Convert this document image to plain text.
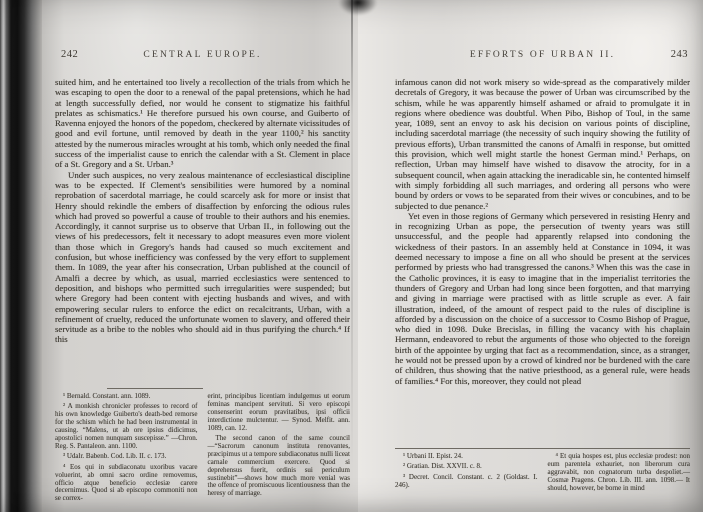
242	CENTRAL EUROPE.

suited him, and he entertained too lively a recollection of the trials from which he was escaping to open the door to a renewal of the papal pretensions, which he had at length successfully defied, nor would he consent to stigmatize his faithful prelates as schismatics.¹ He therefore pursued his own course, and Guiberto of Ravenna enjoyed the honors of the popedom, checkered by alternate vicissitudes of good and evil fortune, until removed by death in the year 1100,² his sanctity attested by the numerous miracles wrought at his tomb, which only needed the final success of the imperialist cause to enrich the calendar with a St. Clement in place of a St. Gregory and a St. Urban.³

Under such auspices, no very zealous maintenance of ecclesiastical discipline was to be expected. If Clement's sensibilities were humored by a nominal reprobation of sacerdotal marriage, he could scarcely ask for more or insist that Henry should rekindle the embers of disaffection by enforcing the odious rules which had proved so powerful a cause of trouble to their authors and his enemies. Accordingly, it cannot surprise us to observe that Urban II., in following out the views of his predecessors, felt it necessary to adopt measures even more violent than those which in Gregory's hands had caused so much excitement and confusion, but whose inefficiency was confessed by the very effort to supplement them. In 1089, the year after his consecration, Urban published at the council of Amalfi a decree by which, as usual, married ecclesiastics were sentenced to deposition, and bishops who permitted such irregularities were suspended; but where Gregory had been content with ejecting husbands and wives, and with empowering secular rulers to enforce the edict on recalcitrants, Urban, with a refinement of cruelty, reduced the unfortunate women to slavery, and offered their servitude as a bribe to the nobles who should aid in thus purifying the church.⁴ If this

¹ Bernald. Constant. ann. 1089.

² A monkish chronicler professes to record of his own knowledge Guiberto's death-bed remorse for the schism which he had been instrumental in causing. “Malens, ut ab ore ipsius didicimus, apostolici nomen nunquam suscepisse.” —Chron. Reg. S. Pantaleon. ann. 1100.

³ Udalr. Babenb. Cod. Lib. II. c. 173.

⁴ Eos qui in subdiaconatu uxoribus vacare voluerint, ab omni sacro ordine removemus, officio atque beneficio ecclesiæ carere decernimus. Quod si ab episcopo commoniti non se correx-

erint, principibus licentiam indulgemus ut eorum feminas mancipent servituti. Si vero episcopi consenserint eorum pravitatibus, ipsi officii interdictione mulctentur. — Synod. Melfit. ann. 1089, can. 12.

The second canon of the same council—“Sacrorum canonum instituta renovantes, præcipimus ut a tempore subdiaconatus nulli liceat carnale commercium exercere. Quod si deprehensus fuerit, ordinis sui periculum sustinebit”—shows how much more venial was the offence of promiscuous licentiousness than the heresy of marriage.

EFFORTS OF URBAN II.	243

infamous canon did not work misery so wide-spread as the comparatively milder decretals of Gregory, it was because the power of Urban was circumscribed by the schism, while he was apparently himself ashamed or afraid to promulgate it in regions where obedience was doubtful. When Pibo, Bishop of Toul, in the same year, 1089, sent an envoy to ask his decision on various points of discipline, including sacerdotal marriage (the necessity of such inquiry showing the futility of previous efforts), Urban transmitted the canons of Amalfi in response, but omitted this provision, which well might startle the honest German mind.¹ Perhaps, on reflection, Urban may himself have wished to disavow the atrocity, for in a subsequent council, when again attacking the ineradicable sin, he contented himself with simply forbidding all such marriages, and ordering all persons who were bound by orders or vows to be separated from their wives or concubines, and to be subjected to due penance.²

Yet even in those regions of Germany which persevered in resisting Henry and in recognizing Urban as pope, the persecution of twenty years was still unsuccessful, and the people had apparently relapsed into condoning the wickedness of their pastors. In an assembly held at Constance in 1094, it was deemed necessary to impose a fine on all who should be present at the services performed by priests who had transgressed the canons.³ When this was the case in the Catholic provinces, it is easy to imagine that in the imperialist territories the thunders of Gregory and Urban had long since been forgotten, and that marrying and giving in marriage were practised with as little scruple as ever. A fair illustration, indeed, of the amount of respect paid to the rules of discipline is afforded by a discussion on the choice of a successor to Cosmo Bishop of Prague, who died in 1098. Duke Brecislas, in filling the vacancy with his chaplain Hermann, endeavored to rebut the arguments of those who objected to the foreign birth of the appointee by urging that fact as a recommendation, since, as a stranger, he would not be pressed upon by a crowd of kindred nor be burdened with the care of children, thus showing that the native priesthood, as a general rule, were heads of families.⁴ For this, moreover, they could not plead

¹ Urbani II. Epist. 24.

² Gratian. Dist. XXVII. c. 8.

³ Decret. Concil. Constant. c. 2 (Goldast. I. 246).

⁴ Et quia hospes est, plus ecclesiæ prodest: non eum parentela exhauriet, non liberorum cura aggravabit, non cognatorum turba despoliet.—Cosmæ Pragens. Chron. Lib. III. ann. 1098.— It should, however, be borne in mind
